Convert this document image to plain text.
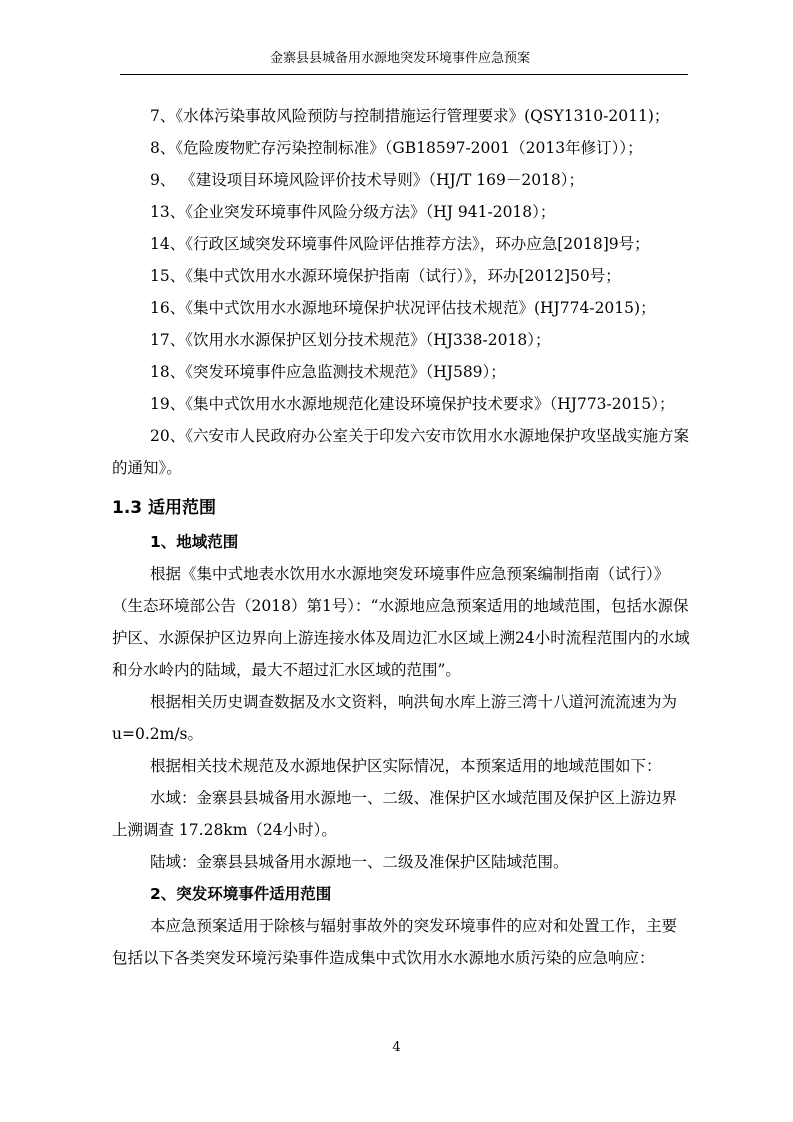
金寨县县城备用水源地突发环境事件应急预案
7、《水体污染事故风险预防与控制措施运行管理要求》(QSY1310-2011)；
8、《危险废物贮存污染控制标准》（GB18597-2001（2013年修订））；
9、 《建设项目环境风险评价技术导则》（HJ/T 169－2018）；
13、《企业突发环境事件风险分级方法》（HJ 941-2018）；
14、《行政区域突发环境事件风险评估推荐方法》，环办应急[2018]9号；
15、《集中式饮用水水源环境保护指南（试行）》，环办[2012]50号；
16、《集中式饮用水水源地环境保护状况评估技术规范》(HJ774-2015)；
17、《饮用水水源保护区划分技术规范》（HJ338-2018）；
18、《突发环境事件应急监测技术规范》（HJ589）；
19、《集中式饮用水水源地规范化建设环境保护技术要求》（HJ773-2015）；
20、《六安市人民政府办公室关于印发六安市饮用水水源地保护攻坚战实施方案的通知》。
1.3 适用范围
1、地域范围
根据《集中式地表水饮用水水源地突发环境事件应急预案编制指南（试行）》（生态环境部公告（2018）第1号）：“水源地应急预案适用的地域范围，包括水源保护区、水源保护区边界向上游连接水体及周边汇水区域上溯24小时流程范围内的水域和分水岭内的陆域，最大不超过汇水区域的范围”。
根据相关历史调查数据及水文资料，响洪甸水库上游三湾十八道河流流速为为 u=0.2m/s。
根据相关技术规范及水源地保护区实际情况，本预案适用的地域范围如下：
水域：金寨县县城备用水源地一、二级、准保护区水域范围及保护区上游边界上溯调查 17.28km（24小时）。
陆域：金寨县县城备用水源地一、二级及准保护区陆域范围。
2、突发环境事件适用范围
本应急预案适用于除核与辐射事故外的突发环境事件的应对和处置工作，主要包括以下各类突发环境污染事件造成集中式饮用水水源地水质污染的应急响应：
4
